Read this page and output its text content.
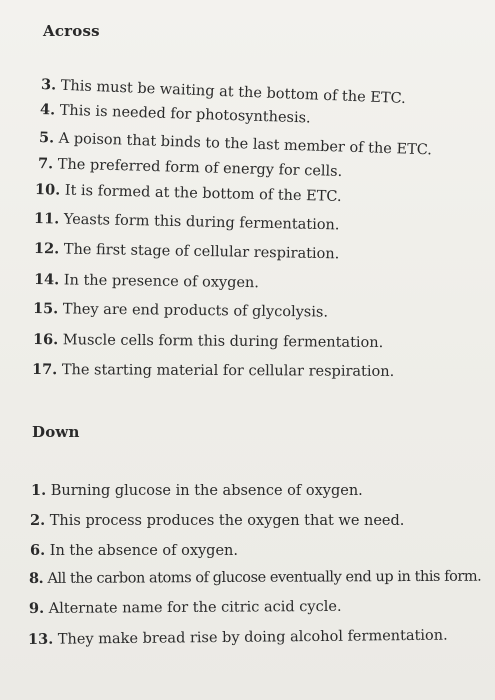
Across
3. This must be waiting at the bottom of the ETC.
4. This is needed for photosynthesis.
5. A poison that binds to the last member of the ETC.
7. The preferred form of energy for cells.
10. It is formed at the bottom of the ETC.
11. Yeasts form this during fermentation.
12. The first stage of cellular respiration.
14. In the presence of oxygen.
15. They are end products of glycolysis.
16. Muscle cells form this during fermentation.
17. The starting material for cellular respiration.
Down
1. Burning glucose in the absence of oxygen.
2. This process produces the oxygen that we need.
6. In the absence of oxygen.
8. All the carbon atoms of glucose eventually end up in this form.
9. Alternate name for the citric acid cycle.
13. They make bread rise by doing alcohol fermentation.
